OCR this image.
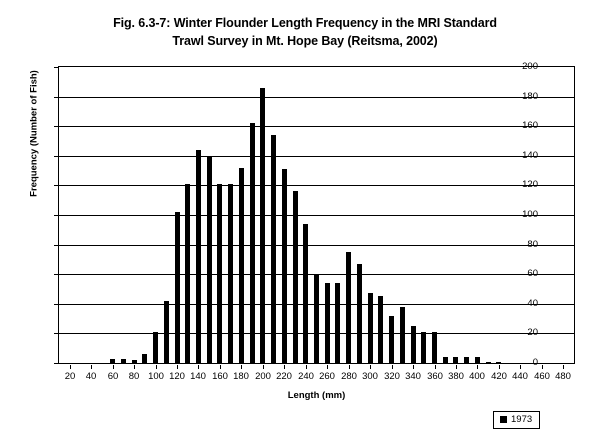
Fig. 6.3-7: Winter Flounder Length Frequency in the MRI Standard
Trawl Survey in Mt. Hope Bay (Reitsma, 2002)
Frequency (Number of Fish)
Length (mm)
1973
0
20
40
60
80
100
120
140
160
180
200
20	40	60	80 100 120 140 160 180 200 220 240 260 280 300 320 340 360 380 400 420 440 460 480
